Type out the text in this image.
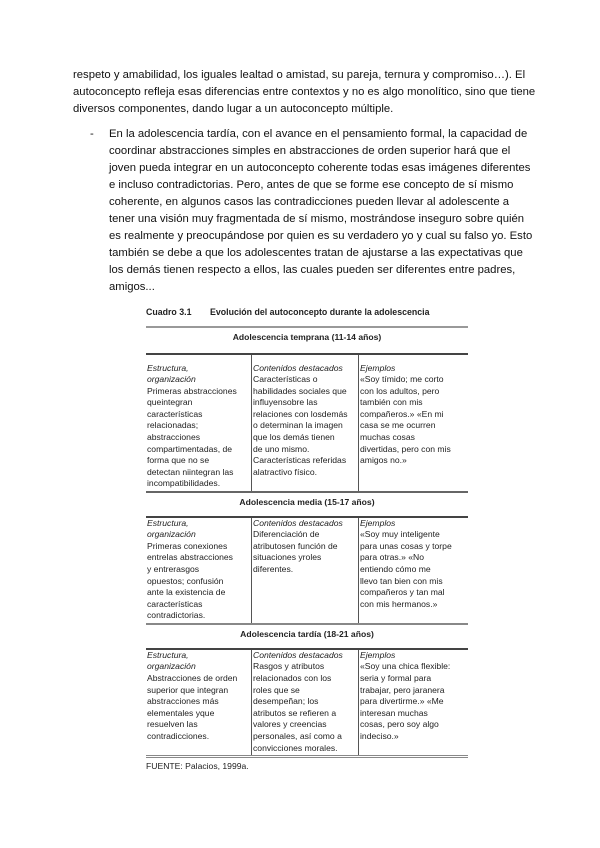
respeto y amabilidad, los iguales lealtad o amistad, su pareja, ternura y compromiso…). El
autoconcepto refleja esas diferencias entre contextos y no es algo monolítico, sino que tiene
diversos componentes, dando lugar a un autoconcepto múltiple.
- En la adolescencia tardía, con el avance en el pensamiento formal, la capacidad de
coordinar abstracciones simples en abstracciones de orden superior hará que el
joven pueda integrar en un autoconcepto coherente todas esas imágenes diferentes
e incluso contradictorias. Pero, antes de que se forme ese concepto de sí mismo
coherente, en algunos casos las contradicciones pueden llevar al adolescente a
tener una visión muy fragmentada de sí mismo, mostrándose inseguro sobre quién
es realmente y preocupándose por quien es su verdadero yo y cual su falso yo. Esto
también se debe a que los adolescentes tratan de ajustarse a las expectativas que
los demás tienen respecto a ellos, las cuales pueden ser diferentes entre padres,
amigos...
Cuadro 3.1	Evolución del autoconcepto durante la adolescencia
Adolescencia temprana (11-14 años)
Estructura,
organización
Primeras abstracciones
queintegran
características
relacionadas;
abstracciones
compartimentadas, de
forma que no se
detectan niintegran las
incompatibilidades.
Contenidos destacados
Características o
habilidades sociales que
influyensobre las
relaciones con losdemás
o determinan la imagen
que los demás tienen
de uno mismo.
Características referidas
alatractivo físico.
Ejemplos
«Soy tímido; me corto
con los adultos, pero
también con mis
compañeros.» «En mi
casa se me ocurren
muchas cosas
divertidas, pero con mis
amigos no.»
Adolescencia media (15-17 años)
Estructura,
organización
Primeras conexiones
entrelas abstracciones
y entrerasgos
opuestos; confusión
ante la existencia de
características
contradictorias.
Contenidos destacados
Diferenciación de
atributosen función de
situaciones yroles
diferentes.
Ejemplos
«Soy muy inteligente
para unas cosas y torpe
para otras.» «No
entiendo cómo me
llevo tan bien con mis
compañeros y tan mal
con mis hermanos.»
Adolescencia tardía (18-21 años)
Estructura,
organización
Abstracciones de orden
superior que integran
abstracciones más
elementales yque
resuelven las
contradicciones.
Contenidos destacados
Rasgos y atributos
relacionados con los
roles que se
desempeñan; los
atributos se refieren a
valores y creencias
personales, así como a
convicciones morales.
Ejemplos
«Soy una chica flexible:
seria y formal para
trabajar, pero jaranera
para divertirme.» «Me
interesan muchas
cosas, pero soy algo
indeciso.»
FUENTE: Palacios, 1999a.
